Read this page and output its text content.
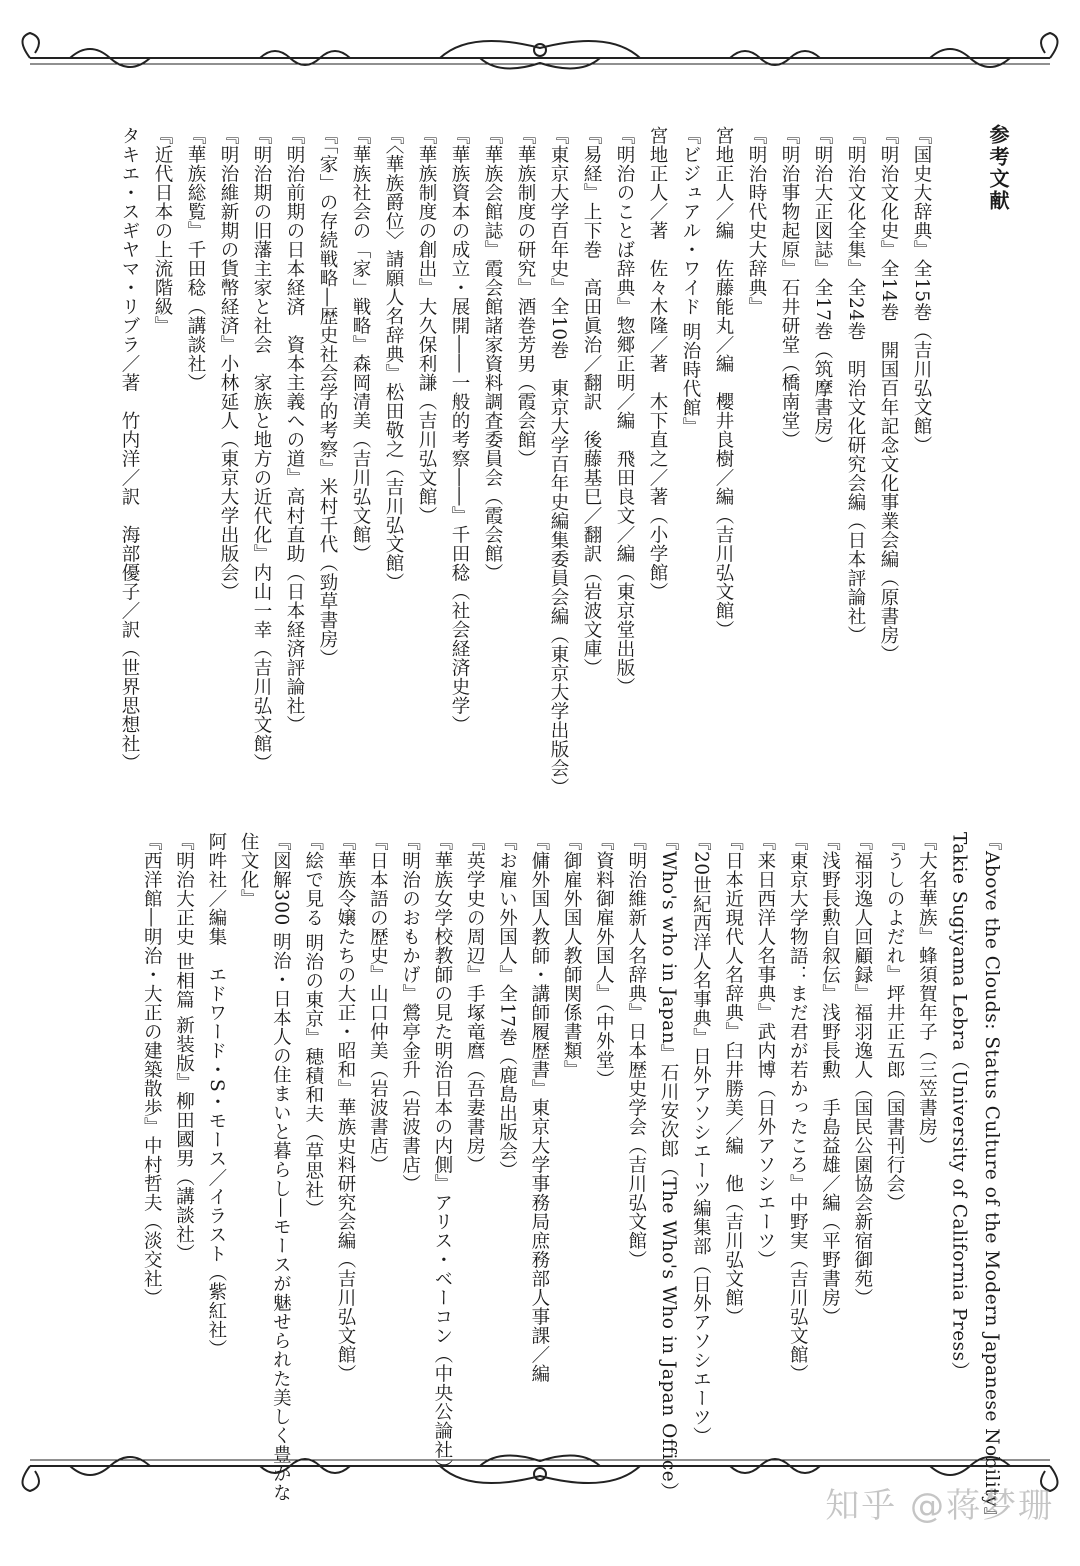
参考文献
『国史大辞典』全15巻（吉川弘文館）
『明治文化史』全14巻　開国百年記念文化事業会編（原書房）
『明治文化全集』全24巻　明治文化研究会編（日本評論社）
『明治大正図誌』全17巻（筑摩書房）
『明治事物起原』石井研堂（橋南堂）
『明治時代史大辞典』
宮地正人／編　佐藤能丸／編　櫻井良樹／編（吉川弘文館）
『ビジュアル・ワイド 明治時代館』
宮地正人／著　佐々木隆／著　木下直之／著（小学館）
『明治のことば辞典』惣郷正明／編　飛田良文／編（東京堂出版）
『易経』上下巻　高田眞治／翻訳　後藤基巳／翻訳（岩波文庫）
『東京大学百年史』全10巻　東京大学百年史編集委員会編（東京大学出版会）
『華族制度の研究』酒巻芳男（霞会館）
『華族会館誌』霞会館諸家資料調査委員会（霞会館）
『華族資本の成立・展開――一般的考察――』千田稔（社会経済史学）
『華族制度の創出』大久保利謙（吉川弘文館）
『〈華族爵位〉請願人名辞典』松田敬之（吉川弘文館）
『華族社会の「家」戦略』森岡清美（吉川弘文館）
『「家」の存続戦略―歴史社会学的考察』米村千代（勁草書房）
『明治前期の日本経済　資本主義への道』高村直助（日本経済評論社）
『明治期の旧藩主家と社会　家族と地方の近代化』内山一幸（吉川弘文館）
『明治維新期の貨幣経済』小林延人（東京大学出版会）
『華族総覧』千田稔（講談社）
『近代日本の上流階級』
タキエ・スギヤマ・リブラ／著　竹内洋／訳　海部優子／訳（世界思想社）
『Above the Clouds: Status Culture of the Modern Japanese Nobility』
Takie Sugiyama Lebra（University of California Press）
『大名華族』蜂須賀年子（三笠書房）
『うしのよだれ』坪井正五郎（国書刊行会）
『福羽逸人回顧録』福羽逸人（国民公園協会新宿御苑）
『浅野長勲自叙伝』浅野長勲　手島益雄／編（平野書房）
『東京大学物語：まだ君が若かったころ』中野実（吉川弘文館）
『来日西洋人名事典』武内博（日外アソシエーツ）
『日本近現代人名辞典』臼井勝美／編　他（吉川弘文館）
『20世紀西洋人名事典』日外アソシエーツ編集部（日外アソシエーツ）
『Who's who in Japan』石川安次郎（The Who's Who in Japan Office）
『明治維新人名辞典』日本歴史学会（吉川弘文館）
『資料御雇外国人』（中外堂）
『御雇外国人教師関係書類』
『傭外国人教師・講師履歴書』東京大学事務局庶務部人事課／編
『お雇い外国人』全17巻（鹿島出版会）
『英学史の周辺』手塚竜麿（吾妻書房）
『華族女学校教師の見た明治日本の内側』アリス・ベーコン（中央公論社）
『明治のおもかげ』鶯亭金升（岩波書店）
『日本語の歴史』山口仲美（岩波書店）
『華族令嬢たちの大正・昭和』華族史料研究会編（吉川弘文館）
『絵で見る 明治の東京』穂積和夫（草思社）
『図解300 明治・日本人の住まいと暮らし―モースが魅せられた美しく豊かな
住文化』
阿吽社／編集　エドワード・S・モース／イラスト（紫紅社）
『明治大正史 世相篇 新装版』柳田國男（講談社）
『西洋館―明治・大正の建築散歩』中村哲夫（淡交社）
知乎 @蒋梦珊
